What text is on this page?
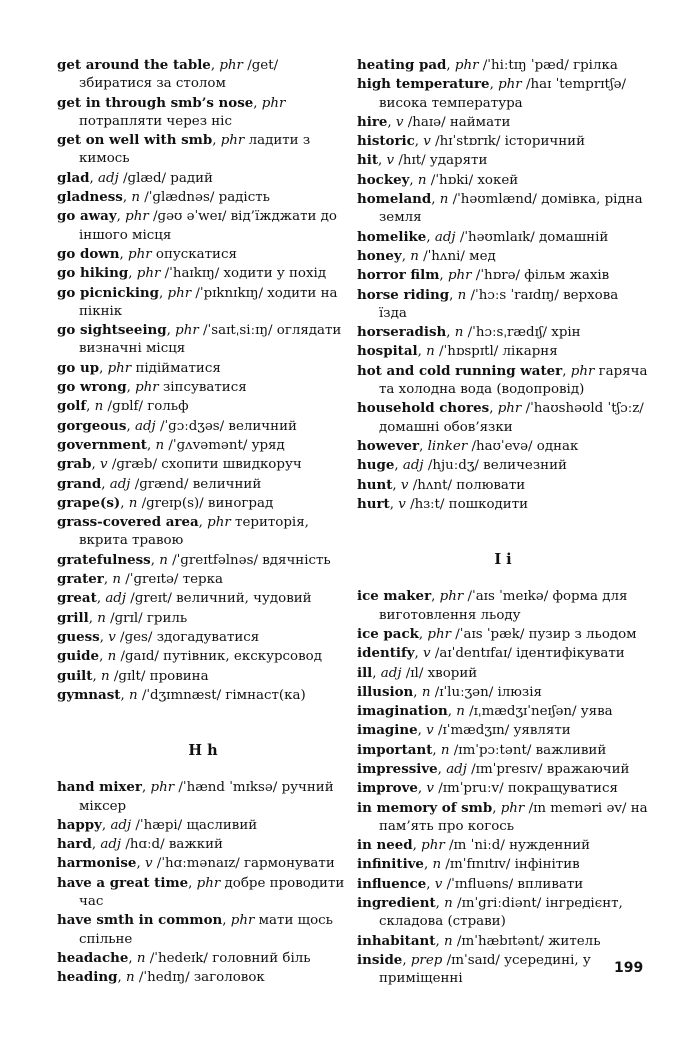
get around the table, phr /get/ збиратися за столом

get in through smb’s nose, phr потрапляти через ніс

get on well with smb, phr ладити з кимось

glad, adj /ɡlæd/ радий

gladness, n /ˈɡlædnəs/ радість

go away, phr /ɡəʊ əˈweɪ/ від’їжджати до іншого місця

go down, phr опускатися

go hiking, phr /ˈhaɪkɪŋ/ ходити у похід

go picnicking, phr /ˈpɪknɪkɪŋ/ ходити на пікнік

go sightseeing, phr /ˈsaɪtˌsiːɪŋ/ оглядати визначні місця

go up, phr підійматися

go wrong, phr зіпсуватися

golf, n /ɡɒlf/ гольф

gorgeous, adj /ˈɡɔːdʒəs/ величний

government, n /ˈɡʌvəmənt/ уряд

grab, v /ɡræb/ схопити швидкоруч

grand, adj /ɡrænd/ величний

grape(s), n /ɡreɪp(s)/ виноград

grass-covered area, phr територія, вкрита травою

gratefulness, n /ˈɡreɪtfəlnəs/ вдячність

grater, n /ˈɡreɪtə/ терка

great, adj /ɡreɪt/ величний, чудовий

grill, n /ɡrɪl/ гриль

guess, v /ɡes/ здогадуватися

guide, n /ɡaɪd/ путівник, екскурсовод

guilt, n /ɡɪlt/ провина

gymnast, n /ˈdʒɪmnæst/ гімнаст(ка)

H h

hand mixer, phr /ˈhænd ˈmɪksə/ ручний міксер

happy, adj /ˈhæpi/ щасливий

hard, adj /hɑːd/ важкий

harmonise, v /ˈhɑːmənaɪz/ гармонувати

have a great time, phr добре проводити час

have smth in common, phr мати щось спільне

headache, n /ˈhedeɪk/ головний біль

heading, n /ˈhedɪŋ/ заголовок

heating pad, phr /ˈhiːtɪŋ ˈpæd/ грілка

high temperature, phr /haɪ ˈtemprɪtʃə/ висока температура

hire, v /haɪə/ наймати

historic, v /hɪˈstɒrɪk/ історичний

hit, v /hɪt/ ударяти

hockey, n /ˈhɒki/ хокей

homeland, n /ˈhəʊmlænd/ домівка, рідна земля

homelike, adj /ˈhəʊmlaɪk/ домашній

honey, n /ˈhʌni/ мед

horror film, phr /ˈhɒrə/ фільм жахів

horse riding, n /ˈhɔːs ˈraɪdɪŋ/ верхова їзда

horseradish, n /ˈhɔːsˌrædɪʃ/ хрін

hospital, n /ˈhɒspɪtl/ лікарня

hot and cold running water, phr гаряча та холодна вода (водопровід)

household chores, phr /ˈhaʊshəʊld ˈtʃɔːz/ домашні обов’язки

however, linker /haʊˈevə/ однак

huge, adj /hjuːdʒ/ величезний

hunt, v /hʌnt/ полювати

hurt, v /hɜːt/ пошкодити

I i

ice maker, phr /ˈaɪs ˈmeɪkə/ форма для виготовлення льоду

ice pack, phr /ˈaɪs ˈpæk/ пузир з льодом

identify, v /aɪˈdentɪfaɪ/ ідентифікувати

ill, adj /ɪl/ хворий

illusion, n /ɪˈluːʒən/ ілюзія

imagination, n /ɪˌmædʒɪˈneɪʃən/ уява

imagine, v /ɪˈmædʒɪn/ уявляти

important, n /ɪmˈpɔːtənt/ важливий

impressive, adj /ɪmˈpresɪv/ вражаючий

improve, v /ɪmˈpruːv/ покращуватися

in memory of smb, phr /ɪn meməri əv/ на пам’ять про когось

in need, phr /ɪn ˈniːd/ нужденний

infinitive, n /ɪnˈfɪnɪtɪv/ інфінітив

influence, v /ˈɪnfluəns/ впливати

ingredient, n /ɪnˈɡriːdiənt/ інгредієнт, складова (страви)

inhabitant, n /ɪnˈhæbɪtənt/ житель

inside, prep /ɪnˈsaɪd/ усередині, у приміщенні

199
